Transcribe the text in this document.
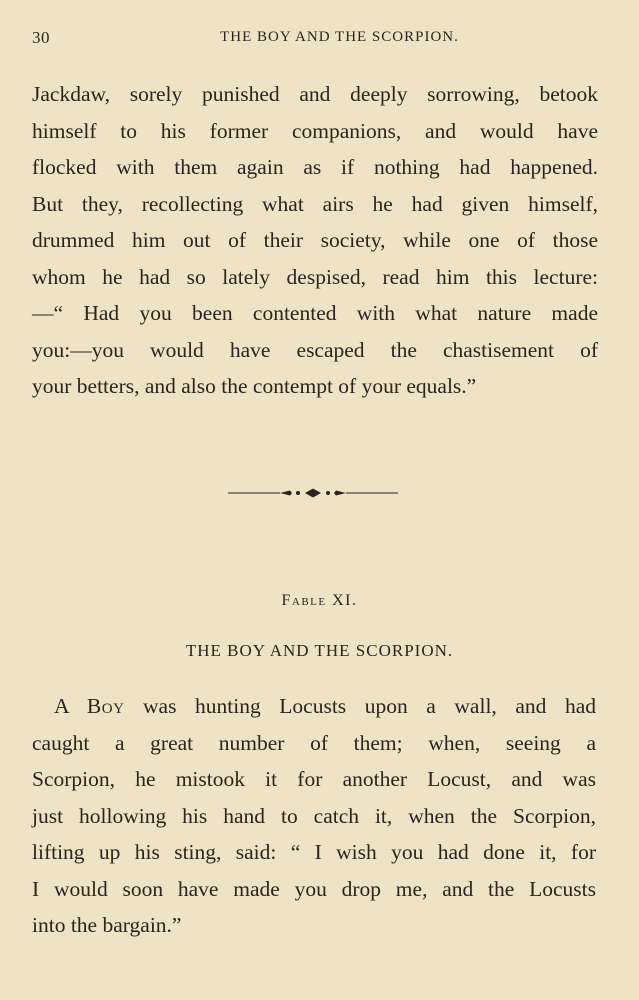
30	THE BOY AND THE SCORPION.
Jackdaw, sorely punished and deeply sorrowing, betook
himself to his former companions, and would have
flocked with them again as if nothing had happened.
But they, recollecting what airs he had given himself,
drummed him out of their society, while one of those
whom he had so lately despised, read him this lecture:
—“ Had you been contented with what nature made
you:—you would have escaped the chastisement of
your betters, and also the contempt of your equals.”
Fable XI.
THE BOY AND THE SCORPION.
A Boy was hunting Locusts upon a wall, and had
caught a great number of them; when, seeing a
Scorpion, he mistook it for another Locust, and was
just hollowing his hand to catch it, when the Scorpion,
lifting up his sting, said: “ I wish you had done it, for
I would soon have made you drop me, and the Locusts
into the bargain.”
